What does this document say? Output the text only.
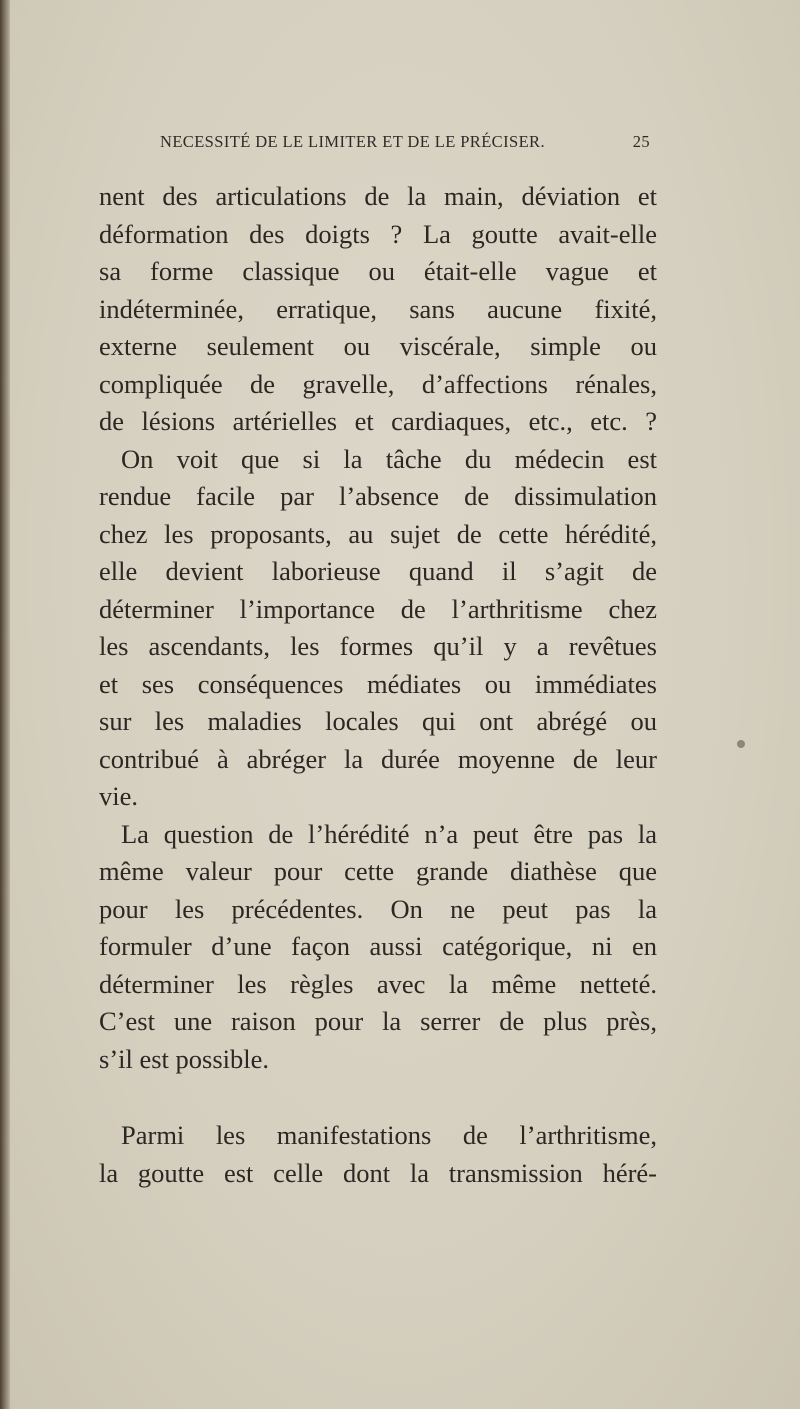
NECESSITÉ DE LE LIMITER ET DE LE PRÉCISER.	25
nent des articulations de la main, déviation et
déformation des doigts ? La goutte avait-elle
sa forme classique ou était-elle vague et
indéterminée, erratique, sans aucune fixité,
externe seulement ou viscérale, simple ou
compliquée de gravelle, d’affections rénales,
de lésions artérielles et cardiaques, etc., etc. ?
On voit que si la tâche du médecin est
rendue facile par l’absence de dissimulation
chez les proposants, au sujet de cette hérédité,
elle devient laborieuse quand il s’agit de
déterminer l’importance de l’arthritisme chez
les ascendants, les formes qu’il y a revêtues
et ses conséquences médiates ou immédiates
sur les maladies locales qui ont abrégé ou
contribué à abréger la durée moyenne de leur
vie.
La question de l’hérédité n’a peut être pas la
même valeur pour cette grande diathèse que
pour les précédentes. On ne peut pas la
formuler d’une façon aussi catégorique, ni en
déterminer les règles avec la même netteté.
C’est une raison pour la serrer de plus près,
s’il est possible.
Parmi les manifestations de l’arthritisme,
la goutte est celle dont la transmission héré-
